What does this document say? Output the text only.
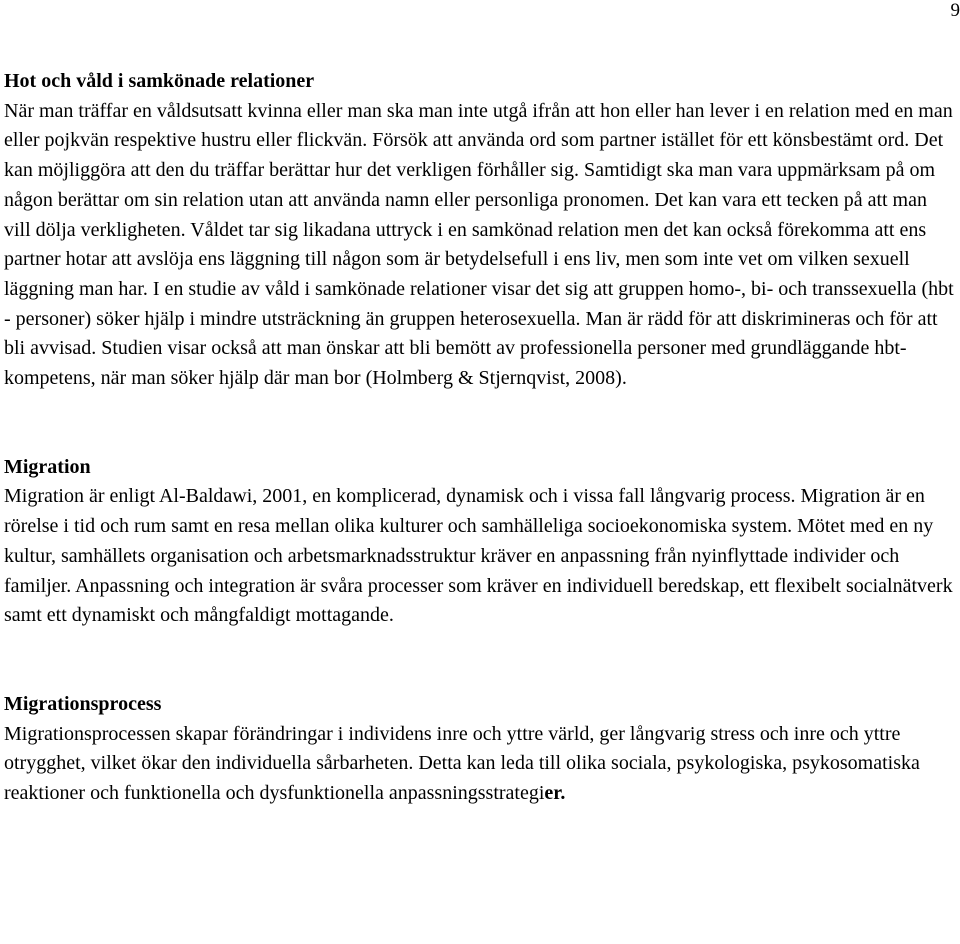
9

Hot och våld i samkönade relationer

När man träffar en våldsutsatt kvinna eller man ska man inte utgå ifrån att hon eller han lever i en relation med en man eller pojkvän respektive hustru eller flickvän. Försök att använda ord som partner istället för ett könsbestämt ord. Det kan möjliggöra att den du träffar berättar hur det verkligen förhåller sig. Samtidigt ska man vara uppmärksam på om någon berättar om sin relation utan att använda namn eller personliga pronomen. Det kan vara ett tecken på att man vill dölja verkligheten. Våldet tar sig likadana uttryck i en samkönad relation men det kan också förekomma att ens partner hotar att avslöja ens läggning till någon som är betydelsefull i ens liv, men som inte vet om vilken sexuell läggning man har. I en studie av våld i samkönade relationer visar det sig att gruppen homo-, bi- och transsexuella (hbt - personer) söker hjälp i mindre utsträckning än gruppen heterosexuella. Man är rädd för att diskrimineras och för att bli avvisad. Studien visar också att man önskar att bli bemött av professionella personer med grundläggande hbt-kompetens, när man söker hjälp där man bor (Holmberg & Stjernqvist, 2008).

Migration

Migration är enligt Al-Baldawi, 2001, en komplicerad, dynamisk och i vissa fall långvarig process. Migration är en rörelse i tid och rum samt en resa mellan olika kulturer och samhälleliga socioekonomiska system. Mötet med en ny kultur, samhällets organisation och arbetsmarknadsstruktur kräver en anpassning från nyinflyttade individer och familjer. Anpassning och integration är svåra processer som kräver en individuell beredskap, ett flexibelt socialnätverk samt ett dynamiskt och mångfaldigt mottagande.

Migrationsprocess

Migrationsprocessen skapar förändringar i individens inre och yttre värld, ger långvarig stress och inre och yttre otrygghet, vilket ökar den individuella sårbarheten. Detta kan leda till olika sociala, psykologiska, psykosomatiska reaktioner och funktionella och dysfunktionella anpassningsstrategier.
